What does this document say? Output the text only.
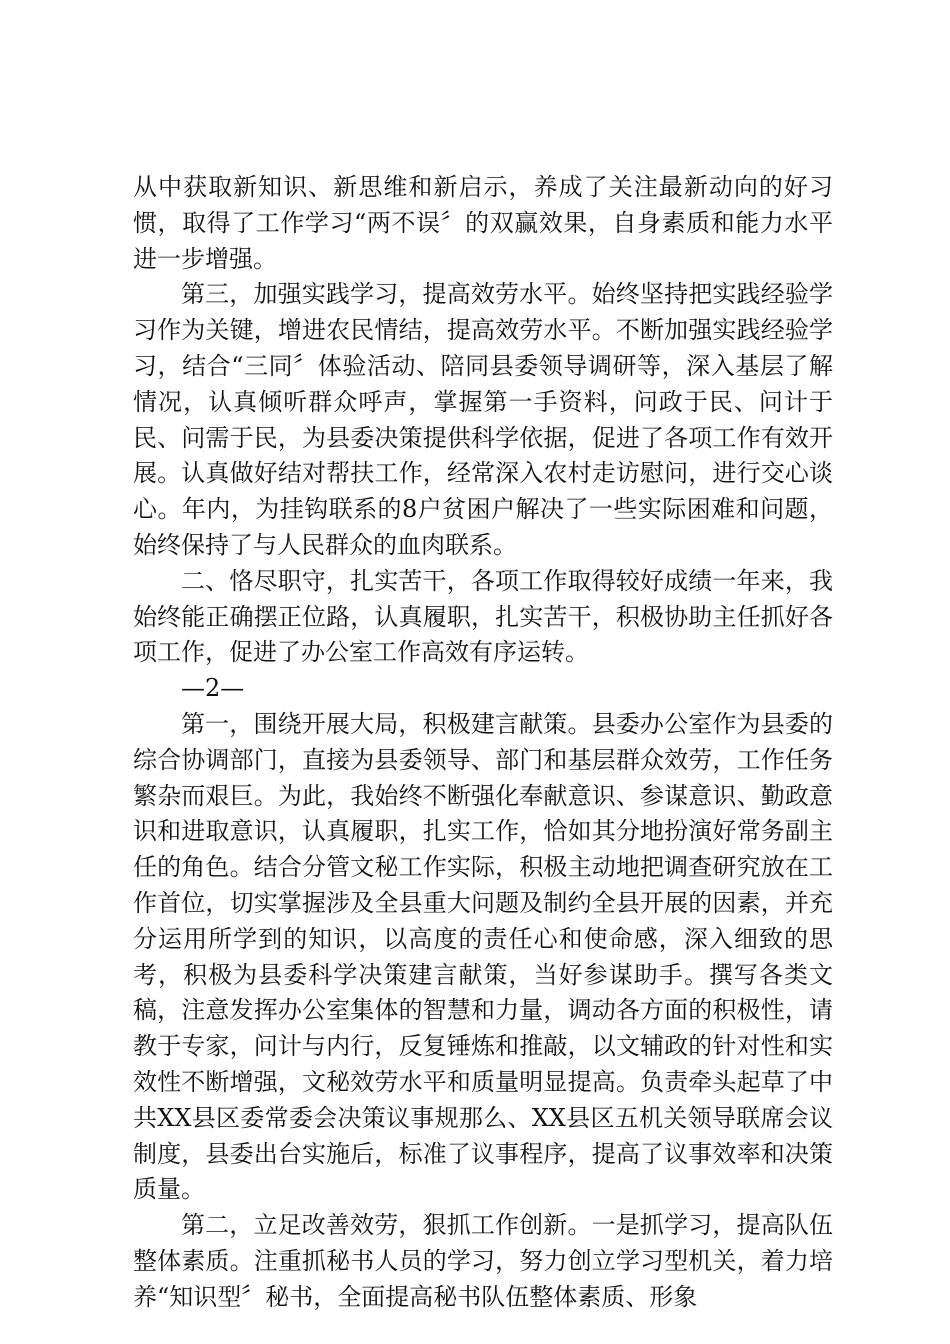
从中获取新知识、新思维和新启示，养成了关注最新动向的好习惯，取得了工作学习“两不误〞的双赢效果，自身素质和能力水平进一步增强。

第三，加强实践学习，提高效劳水平。始终坚持把实践经验学习作为关键，增进农民情结，提高效劳水平。不断加强实践经验学习，结合“三同〞体验活动、陪同县委领导调研等，深入基层了解情况，认真倾听群众呼声，掌握第一手资料，问政于民、问计于民、问需于民，为县委决策提供科学依据，促进了各项工作有效开展。认真做好结对帮扶工作，经常深入农村走访慰问，进行交心谈心。年内，为挂钩联系的8户贫困户解决了一些实际困难和问题，始终保持了与人民群众的血肉联系。

二、恪尽职守，扎实苦干，各项工作取得较好成绩一年来，我始终能正确摆正位路，认真履职，扎实苦干，积极协助主任抓好各项工作，促进了办公室工作高效有序运转。

—2—

第一，围绕开展大局，积极建言献策。县委办公室作为县委的综合协调部门，直接为县委领导、部门和基层群众效劳，工作任务繁杂而艰巨。为此，我始终不断强化奉献意识、参谋意识、勤政意识和进取意识，认真履职，扎实工作，恰如其分地扮演好常务副主任的角色。结合分管文秘工作实际，积极主动地把调查研究放在工作首位，切实掌握涉及全县重大问题及制约全县开展的因素，并充分运用所学到的知识，以高度的责任心和使命感，深入细致的思考，积极为县委科学决策建言献策，当好参谋助手。撰写各类文稿，注意发挥办公室集体的智慧和力量，调动各方面的积极性，请教于专家，问计与内行，反复锤炼和推敲，以文辅政的针对性和实效性不断增强，文秘效劳水平和质量明显提高。负责牵头起草了中共XX县区委常委会决策议事规那么、XX县区五机关领导联席会议制度，县委出台实施后，标准了议事程序，提高了议事效率和决策质量。

第二，立足改善效劳，狠抓工作创新。一是抓学习，提高队伍整体素质。注重抓秘书人员的学习，努力创立学习型机关，着力培养“知识型〞秘书，全面提高秘书队伍整体素质、形象
